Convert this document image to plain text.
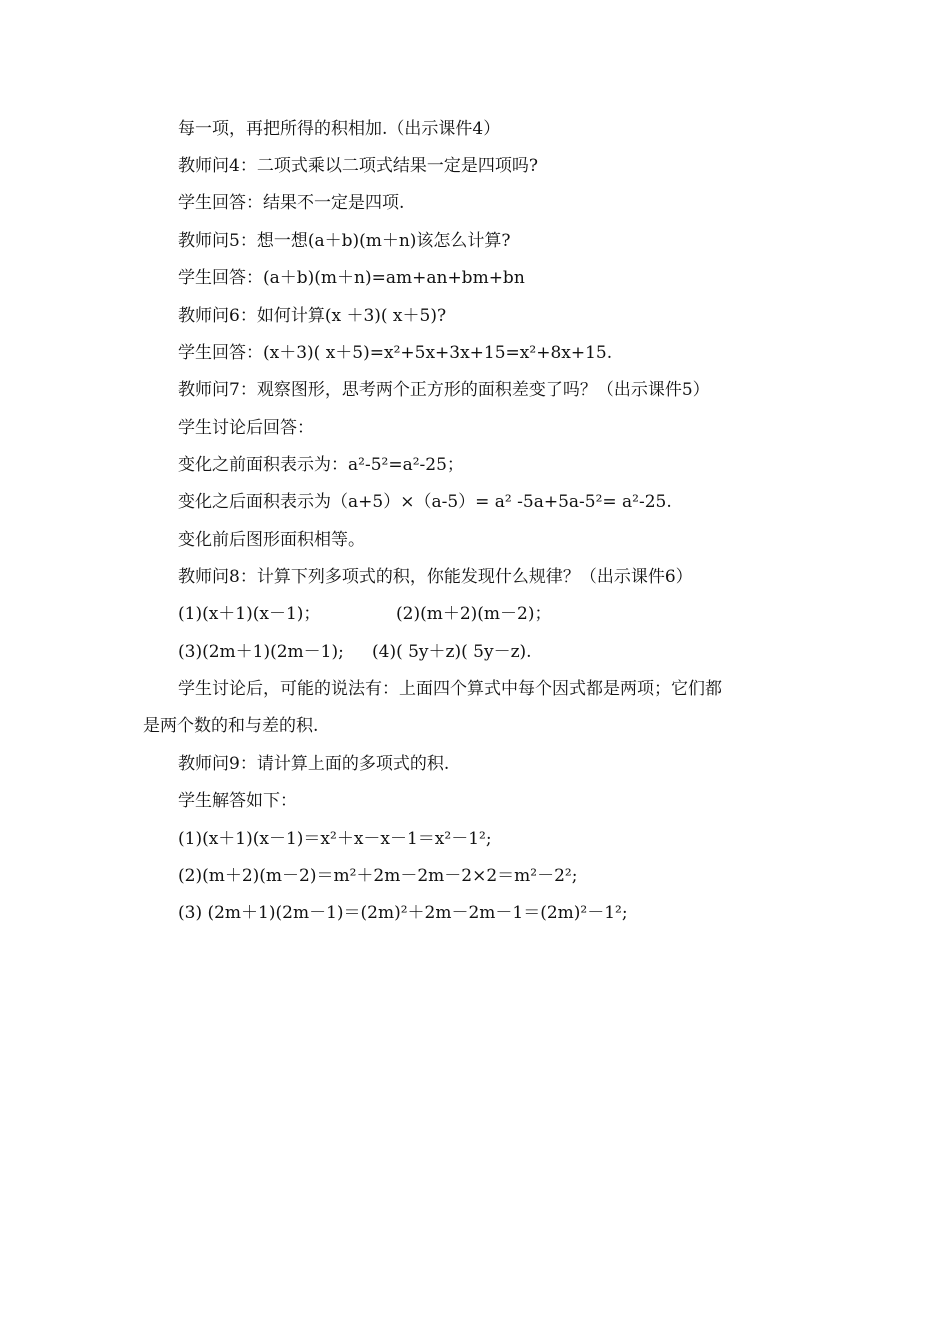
每一项，再把所得的积相加.（出示课件4）
教师问4：二项式乘以二项式结果一定是四项吗?
学生回答：结果不一定是四项.
教师问5：想一想(a＋b)(m＋n)该怎么计算?
学生回答：(a＋b)(m＋n)=am+an+bm+bn
教师问6：如何计算(x ＋3)( x＋5)?
学生回答：(x＋3)( x＋5)=x²+5x+3x+15=x²+8x+15.
教师问7：观察图形，思考两个正方形的面积差变了吗？（出示课件5）
学生讨论后回答：
变化之前面积表示为：a²-5²=a²-25；
变化之后面积表示为（a+5）×（a-5）= a² -5a+5a-5²= a²-25.
变化前后图形面积相等。
教师问8：计算下列多项式的积，你能发现什么规律？（出示课件6）
(1)(x＋1)(x－1)；	(2)(m＋2)(m－2)；
(3)(2m＋1)(2m－1); (4)( 5y＋z)( 5y－z).
学生讨论后，可能的说法有：上面四个算式中每个因式都是两项；它们都
是两个数的和与差的积.
教师问9：请计算上面的多项式的积.
学生解答如下：
(1)(x＋1)(x－1)＝x²＋x－x－1＝x²－1²;
(2)(m＋2)(m－2)＝m²＋2m－2m－2×2＝m²－2²;
(3) (2m＋1)(2m－1)＝(2m)²＋2m－2m－1＝(2m)²－1²;
